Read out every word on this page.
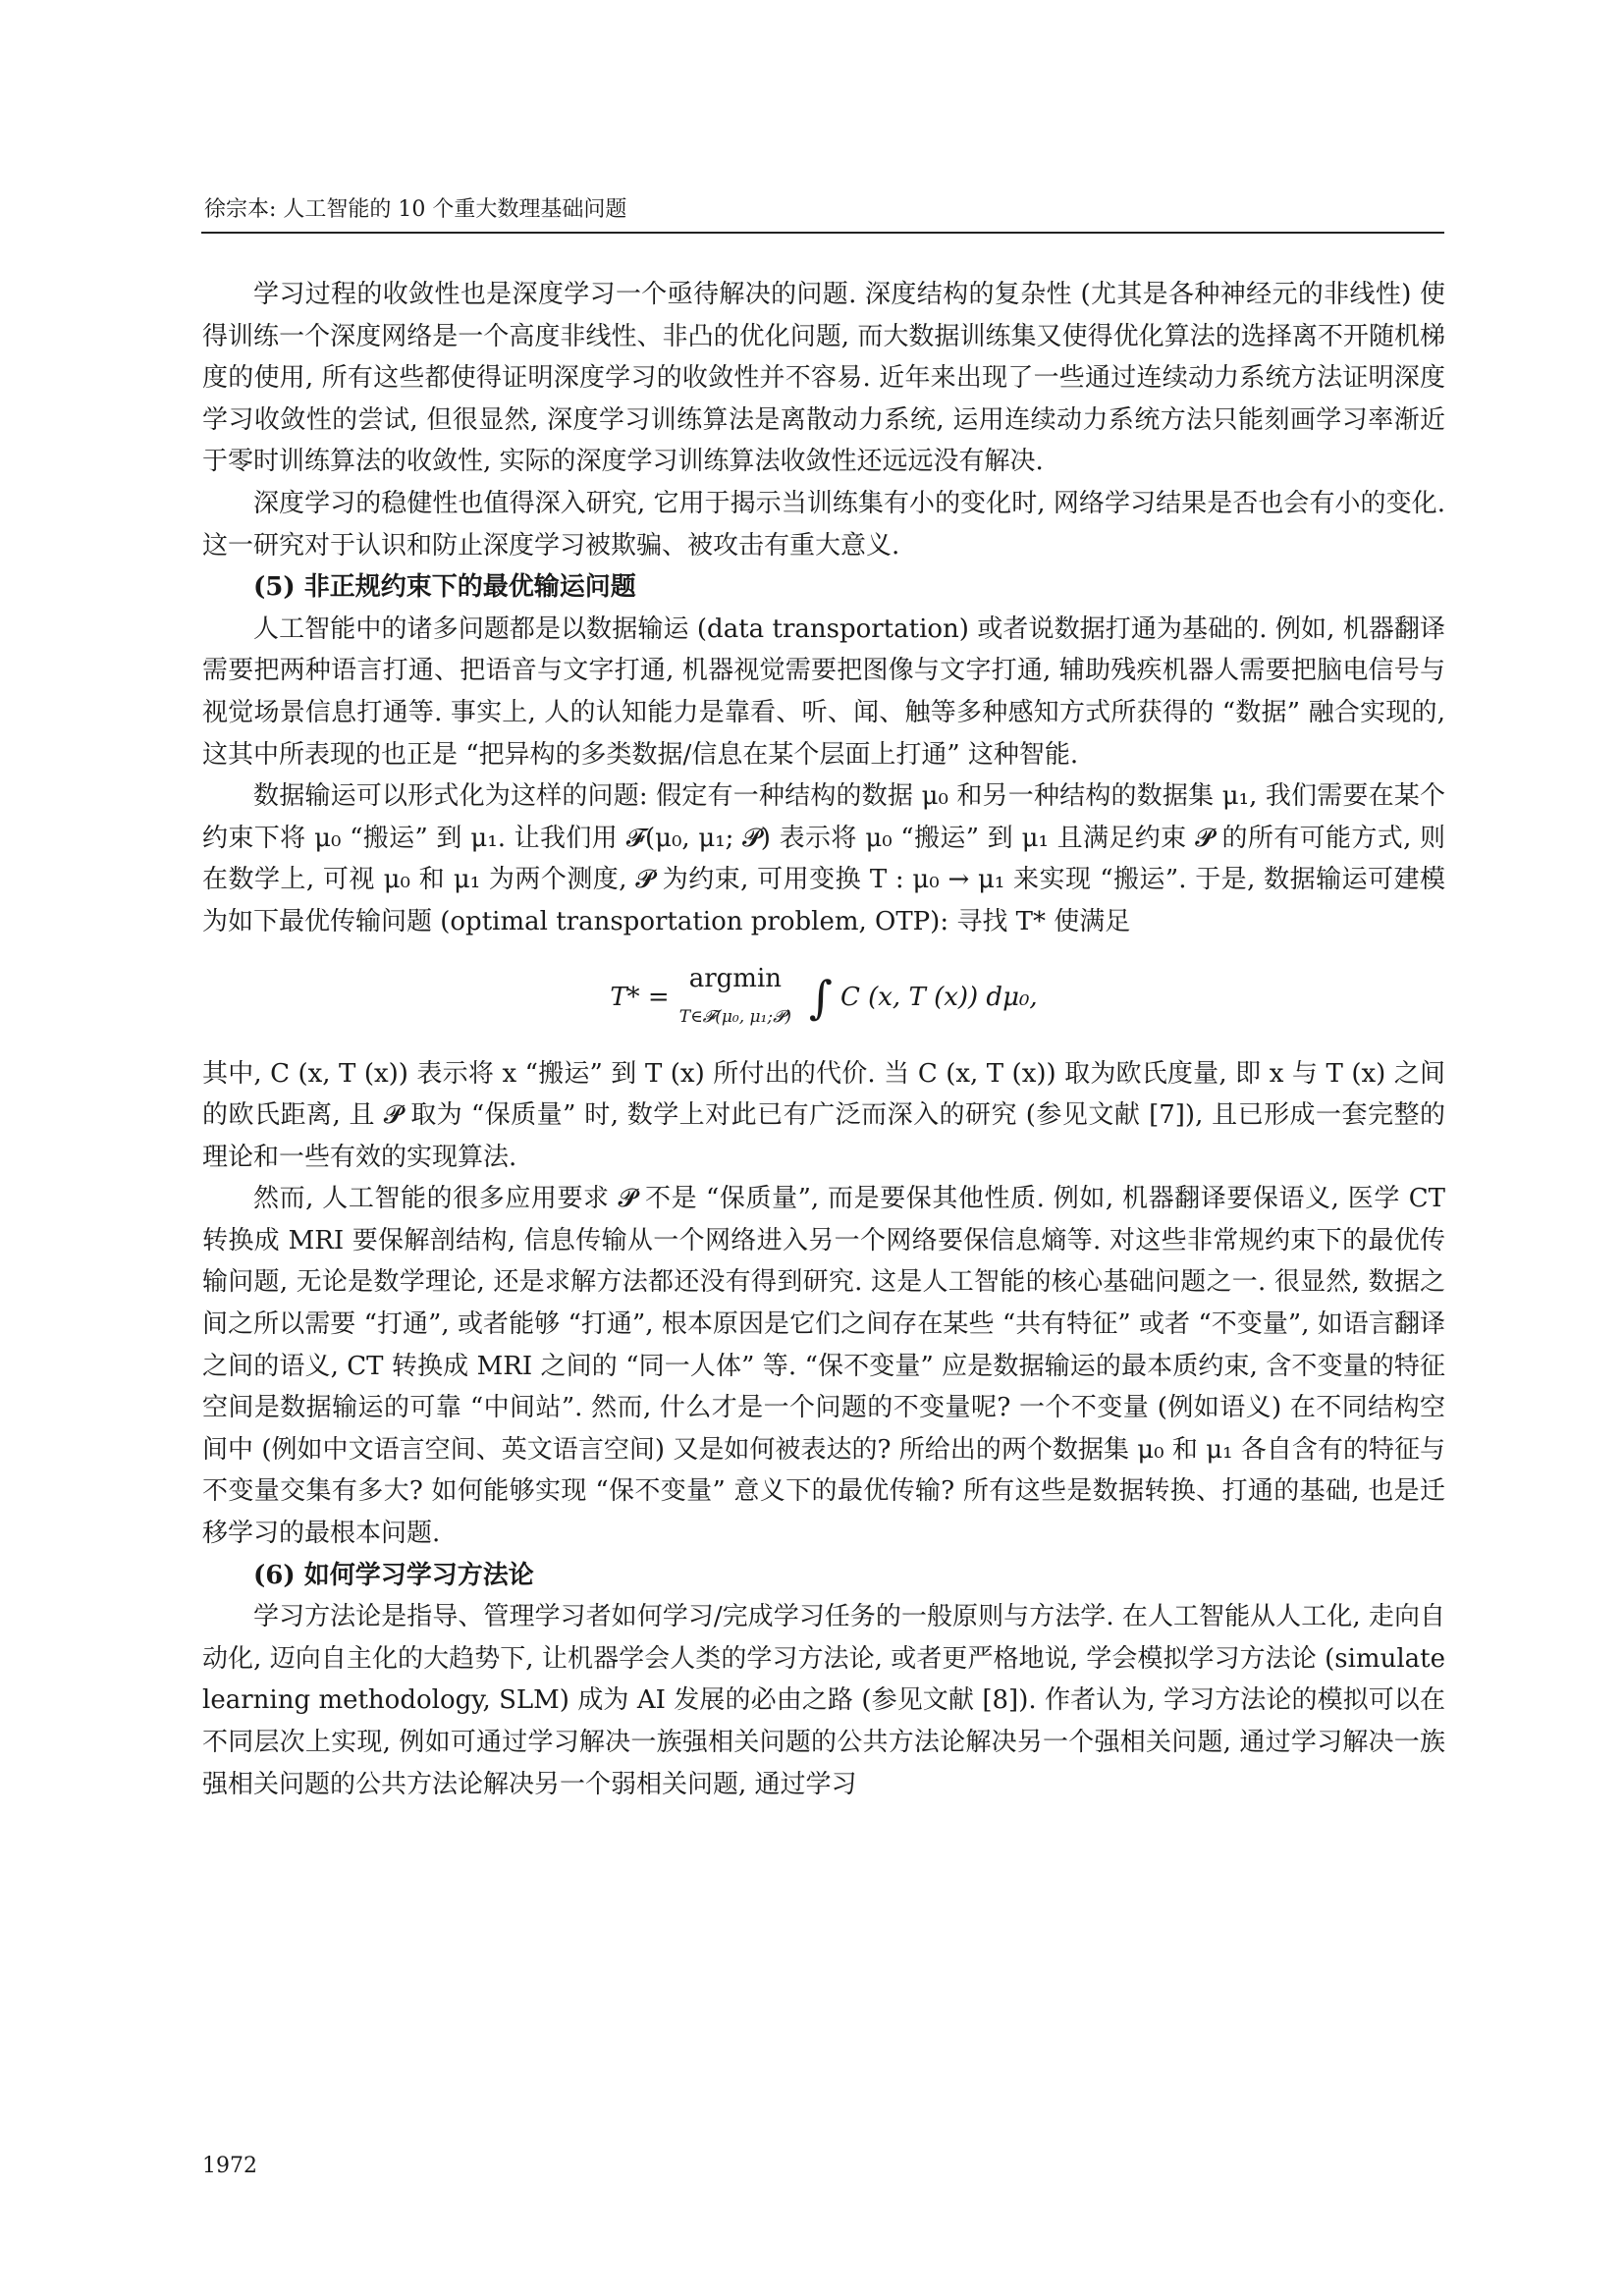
徐宗本: 人工智能的 10 个重大数理基础问题

学习过程的收敛性也是深度学习一个亟待解决的问题. 深度结构的复杂性 (尤其是各种神经元的非线性) 使得训练一个深度网络是一个高度非线性、非凸的优化问题, 而大数据训练集又使得优化算法的选择离不开随机梯度的使用, 所有这些都使得证明深度学习的收敛性并不容易. 近年来出现了一些通过连续动力系统方法证明深度学习收敛性的尝试, 但很显然, 深度学习训练算法是离散动力系统, 运用连续动力系统方法只能刻画学习率渐近于零时训练算法的收敛性, 实际的深度学习训练算法收敛性还远远没有解决.

深度学习的稳健性也值得深入研究, 它用于揭示当训练集有小的变化时, 网络学习结果是否也会有小的变化. 这一研究对于认识和防止深度学习被欺骗、被攻击有重大意义.

(5) 非正规约束下的最优输运问题

人工智能中的诸多问题都是以数据输运 (data transportation) 或者说数据打通为基础的. 例如, 机器翻译需要把两种语言打通、把语音与文字打通, 机器视觉需要把图像与文字打通, 辅助残疾机器人需要把脑电信号与视觉场景信息打通等. 事实上, 人的认知能力是靠看、听、闻、触等多种感知方式所获得的 “数据” 融合实现的, 这其中所表现的也正是 “把异构的多类数据/信息在某个层面上打通” 这种智能.

数据输运可以形式化为这样的问题: 假定有一种结构的数据 μ₀ 和另一种结构的数据集 μ₁, 我们需要在某个约束下将 μ₀ “搬运” 到 μ₁. 让我们用 𝓕(μ₀, μ₁; 𝓟) 表示将 μ₀ “搬运” 到 μ₁ 且满足约束 𝓟 的所有可能方式, 则在数学上, 可视 μ₀ 和 μ₁ 为两个测度, 𝓟 为约束, 可用变换 T : μ₀ → μ₁ 来实现 “搬运”. 于是, 数据输运可建模为如下最优传输问题 (optimal transportation problem, OTP): 寻找 T* 使满足

T* =
argmin
T∈𝓕(μ₀, μ₁;𝓟) ∫ C (x, T (x)) dμ₀,

其中, C (x, T (x)) 表示将 x “搬运” 到 T (x) 所付出的代价. 当 C (x, T (x)) 取为欧氏度量, 即 x 与 T (x) 之间的欧氏距离, 且 𝓟 取为 “保质量” 时, 数学上对此已有广泛而深入的研究 (参见文献 [7]), 且已形成一套完整的理论和一些有效的实现算法.

然而, 人工智能的很多应用要求 𝓟 不是 “保质量”, 而是要保其他性质. 例如, 机器翻译要保语义, 医学 CT 转换成 MRI 要保解剖结构, 信息传输从一个网络进入另一个网络要保信息熵等. 对这些非常规约束下的最优传输问题, 无论是数学理论, 还是求解方法都还没有得到研究. 这是人工智能的核心基础问题之一. 很显然, 数据之间之所以需要 “打通”, 或者能够 “打通”, 根本原因是它们之间存在某些 “共有特征” 或者 “不变量”, 如语言翻译之间的语义, CT 转换成 MRI 之间的 “同一人体” 等. “保不变量” 应是数据输运的最本质约束, 含不变量的特征空间是数据输运的可靠 “中间站”. 然而, 什么才是一个问题的不变量呢? 一个不变量 (例如语义) 在不同结构空间中 (例如中文语言空间、英文语言空间) 又是如何被表达的? 所给出的两个数据集 μ₀ 和 μ₁ 各自含有的特征与不变量交集有多大? 如何能够实现 “保不变量” 意义下的最优传输? 所有这些是数据转换、打通的基础, 也是迁移学习的最根本问题.

(6) 如何学习学习方法论

学习方法论是指导、管理学习者如何学习/完成学习任务的一般原则与方法学. 在人工智能从人工化, 走向自动化, 迈向自主化的大趋势下, 让机器学会人类的学习方法论, 或者更严格地说, 学会模拟学习方法论 (simulate learning methodology, SLM) 成为 AI 发展的必由之路 (参见文献 [8]). 作者认为, 学习方法论的模拟可以在不同层次上实现, 例如可通过学习解决一族强相关问题的公共方法论解决另一个强相关问题, 通过学习解决一族强相关问题的公共方法论解决另一个弱相关问题, 通过学习

1972
